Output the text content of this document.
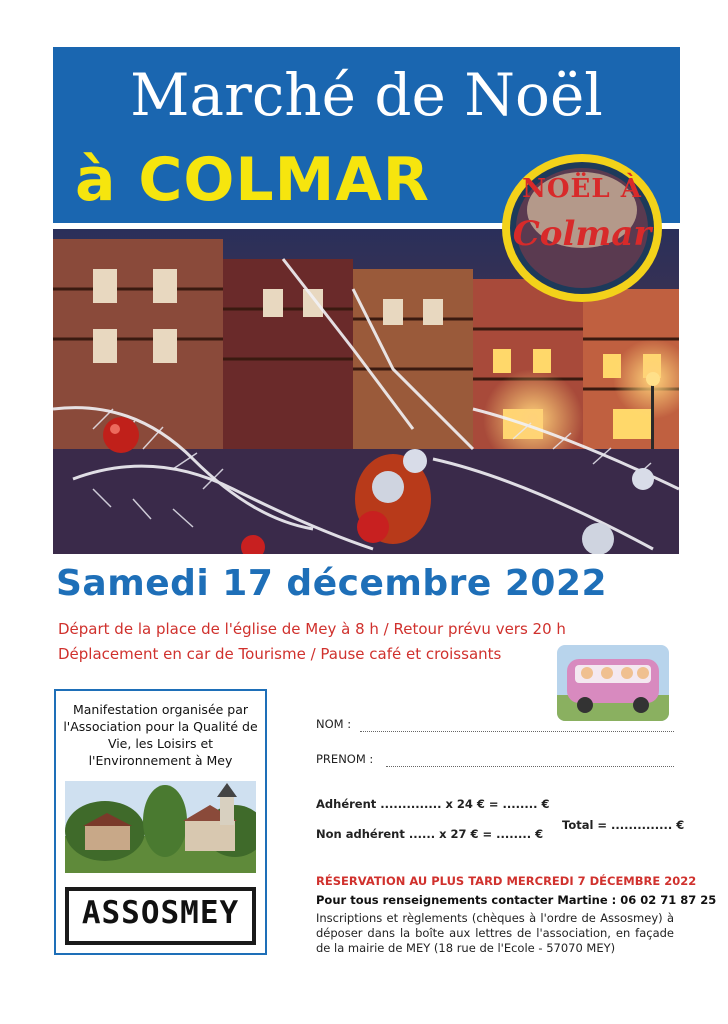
Marché de Noël
à COLMAR	NOËL À
Colmar
Samedi 17 décembre 2022
Départ de la place de l'église de Mey à 8 h / Retour prévu vers 20 h
Déplacement en car de Tourisme / Pause café et croissants
Manifestation organisée par l'Association pour la Qualité de Vie, les Loisirs et l'Environnement à Mey
ASSOSMEY
NOM :
PRENOM :
Adhérent .............. x 24 € = ........ €
Non adhérent ...... x 27 € = ........ €
Total = .............. €
RÉSERVATION AU PLUS TARD MERCREDI 7 DÉCEMBRE 2022
Pour tous renseignements contacter Martine : 06 02 71 87 25
Inscriptions et règlements (chèques à l'ordre de Assosmey) à déposer dans la boîte aux lettres de l'association, en façade de la mairie de MEY (18 rue de l'Ecole - 57070 MEY)
